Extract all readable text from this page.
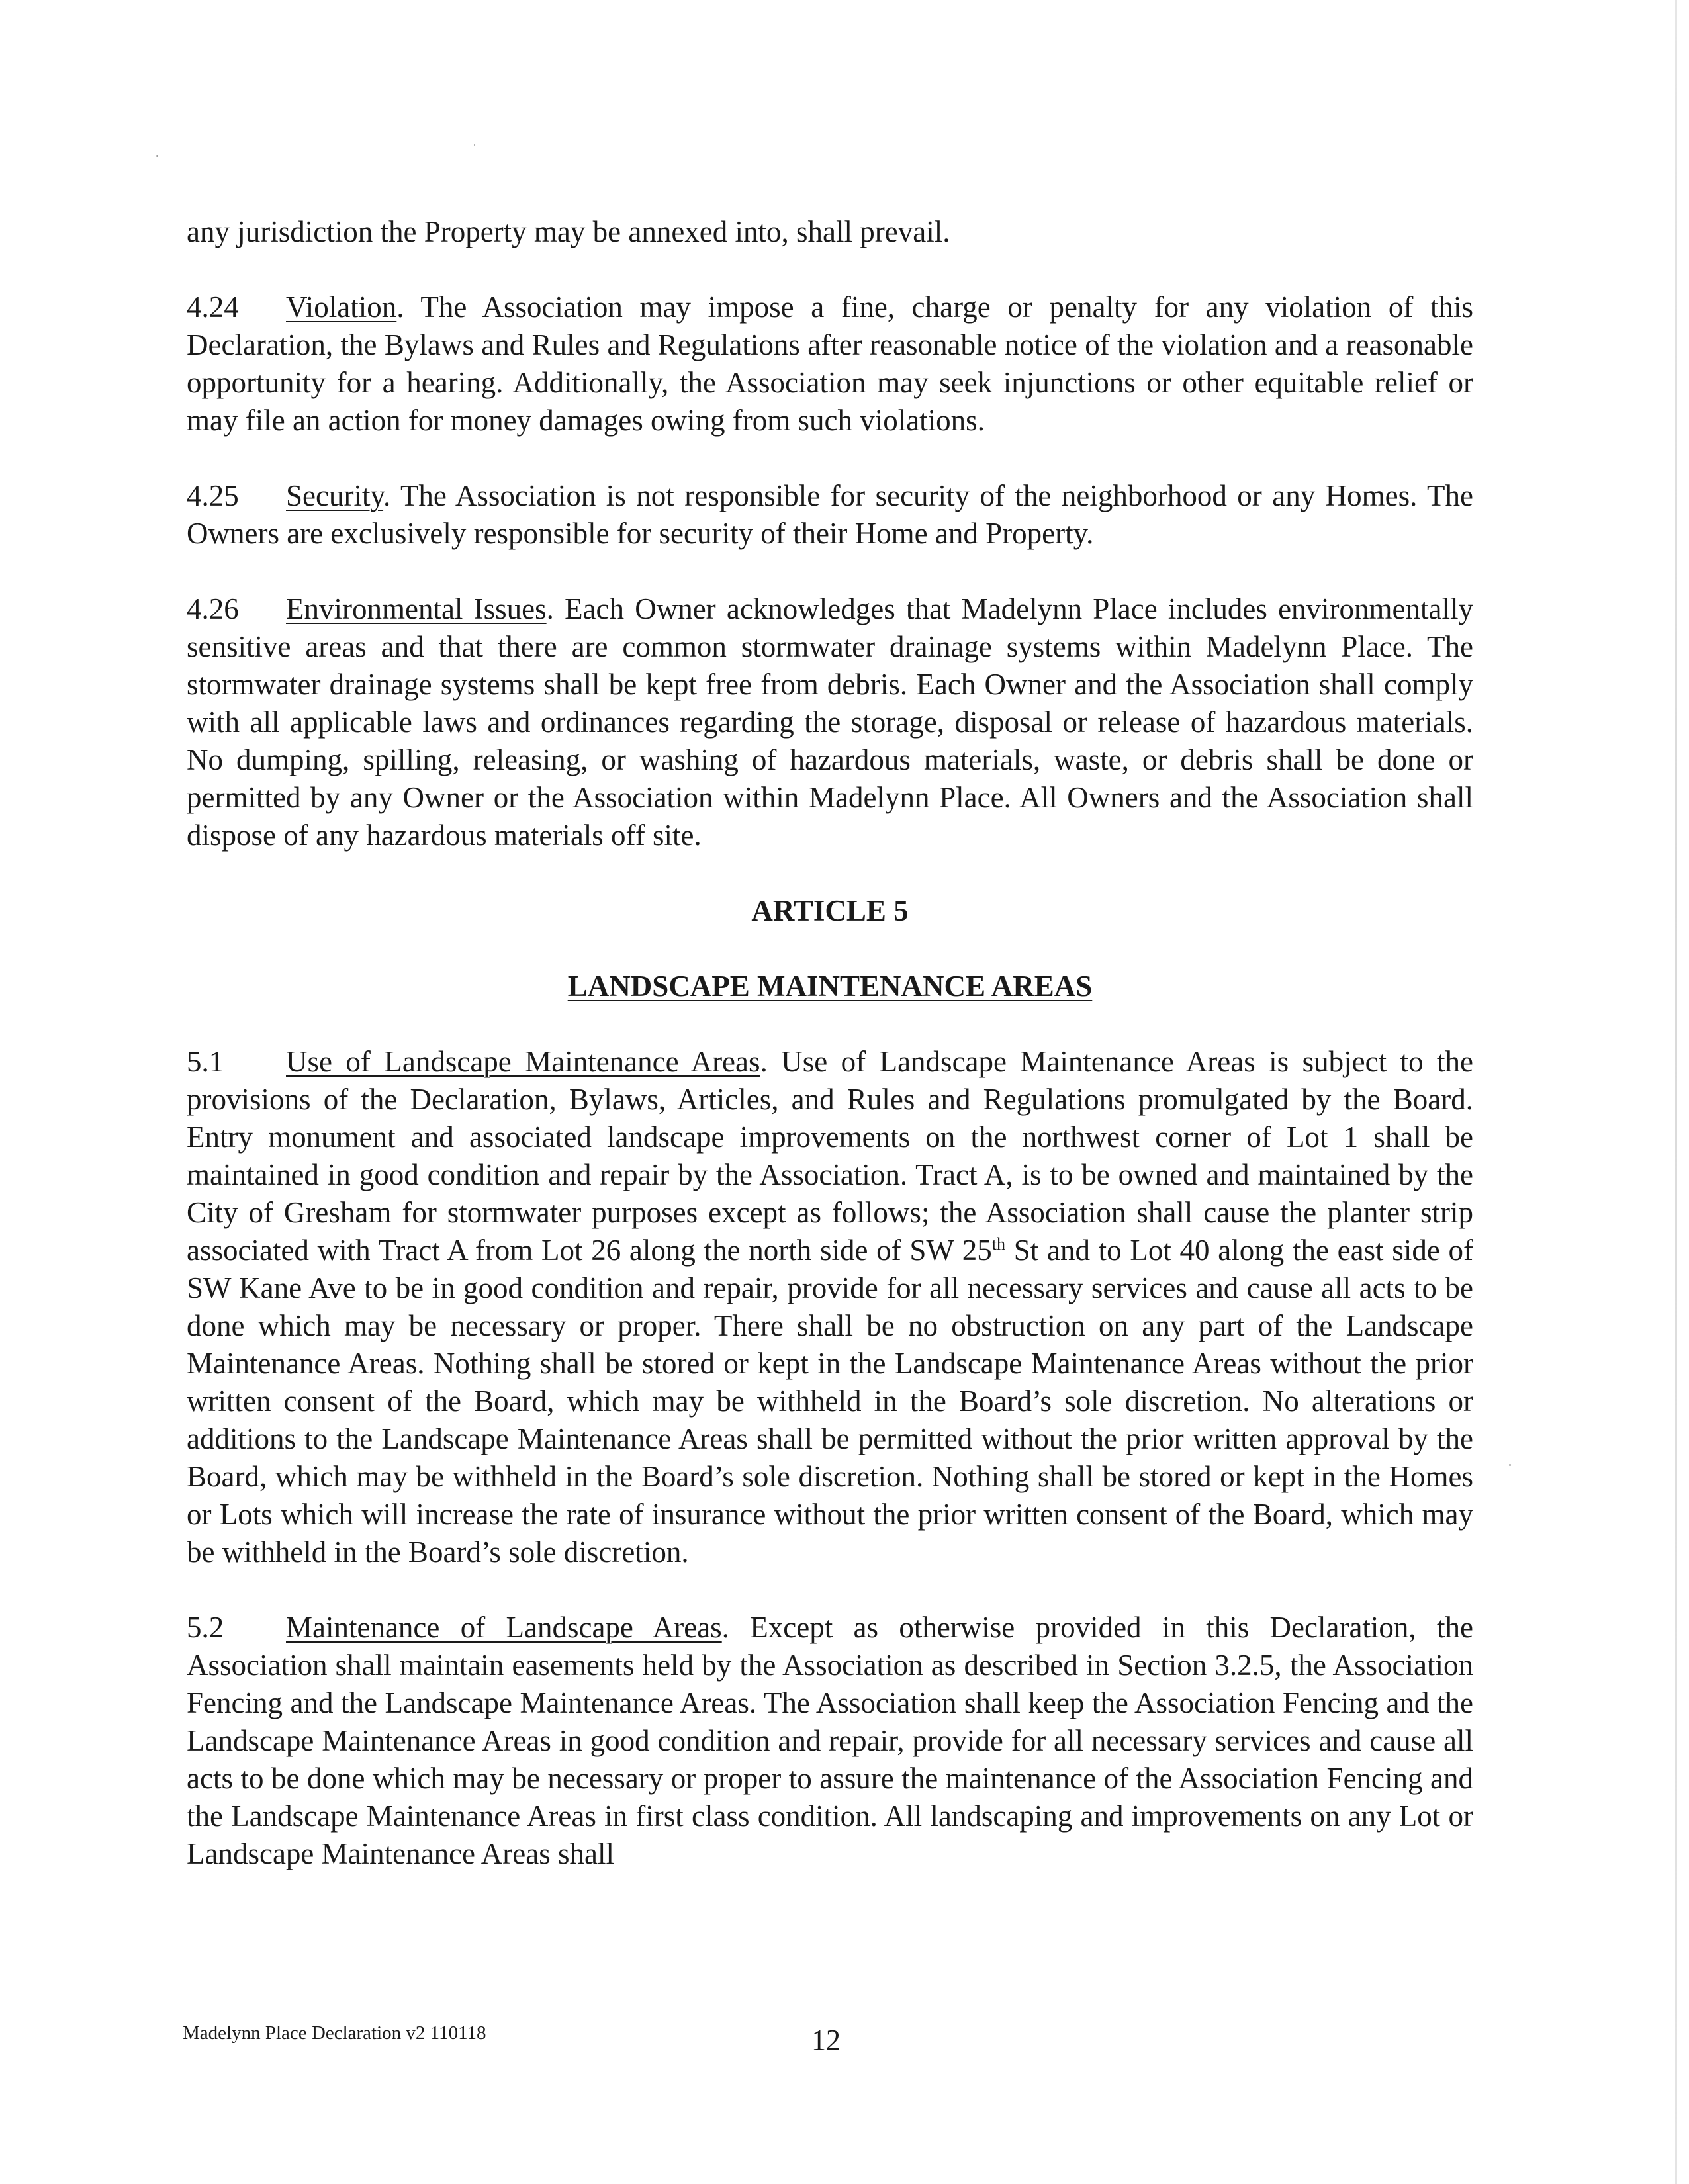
any jurisdiction the Property may be annexed into, shall prevail.

4.24 Violation. The Association may impose a fine, charge or penalty for any violation of this Declaration, the Bylaws and Rules and Regulations after reasonable notice of the violation and a reasonable opportunity for a hearing. Additionally, the Association may seek injunctions or other equitable relief or may file an action for money damages owing from such violations.

4.25 Security. The Association is not responsible for security of the neighborhood or any Homes. The Owners are exclusively responsible for security of their Home and Property.

4.26 Environmental Issues. Each Owner acknowledges that Madelynn Place includes environmentally sensitive areas and that there are common stormwater drainage systems within Madelynn Place. The stormwater drainage systems shall be kept free from debris. Each Owner and the Association shall comply with all applicable laws and ordinances regarding the storage, disposal or release of hazardous materials. No dumping, spilling, releasing, or washing of hazardous materials, waste, or debris shall be done or permitted by any Owner or the Association within Madelynn Place. All Owners and the Association shall dispose of any hazardous materials off site.

ARTICLE 5

LANDSCAPE MAINTENANCE AREAS

5.1 Use of Landscape Maintenance Areas. Use of Landscape Maintenance Areas is subject to the provisions of the Declaration, Bylaws, Articles, and Rules and Regulations promulgated by the Board. Entry monument and associated landscape improvements on the northwest corner of Lot 1 shall be maintained in good condition and repair by the Association. Tract A, is to be owned and maintained by the City of Gresham for stormwater purposes except as follows; the Association shall cause the planter strip associated with Tract A from Lot 26 along the north side of SW 25th St and to Lot 40 along the east side of SW Kane Ave to be in good condition and repair, provide for all necessary services and cause all acts to be done which may be necessary or proper. There shall be no obstruction on any part of the Landscape Maintenance Areas. Nothing shall be stored or kept in the Landscape Maintenance Areas without the prior written consent of the Board, which may be withheld in the Board’s sole discretion. No alterations or additions to the Landscape Maintenance Areas shall be permitted without the prior written approval by the Board, which may be withheld in the Board’s sole discretion. Nothing shall be stored or kept in the Homes or Lots which will increase the rate of insurance without the prior written consent of the Board, which may be withheld in the Board’s sole discretion.

5.2 Maintenance of Landscape Areas. Except as otherwise provided in this Declaration, the Association shall maintain easements held by the Association as described in Section 3.2.5, the Association Fencing and the Landscape Maintenance Areas. The Association shall keep the Association Fencing and the Landscape Maintenance Areas in good condition and repair, provide for all necessary services and cause all acts to be done which may be necessary or proper to assure the maintenance of the Association Fencing and the Landscape Maintenance Areas in first class condition. All landscaping and improvements on any Lot or Landscape Maintenance Areas shall

Madelynn Place Declaration v2 110118	12
